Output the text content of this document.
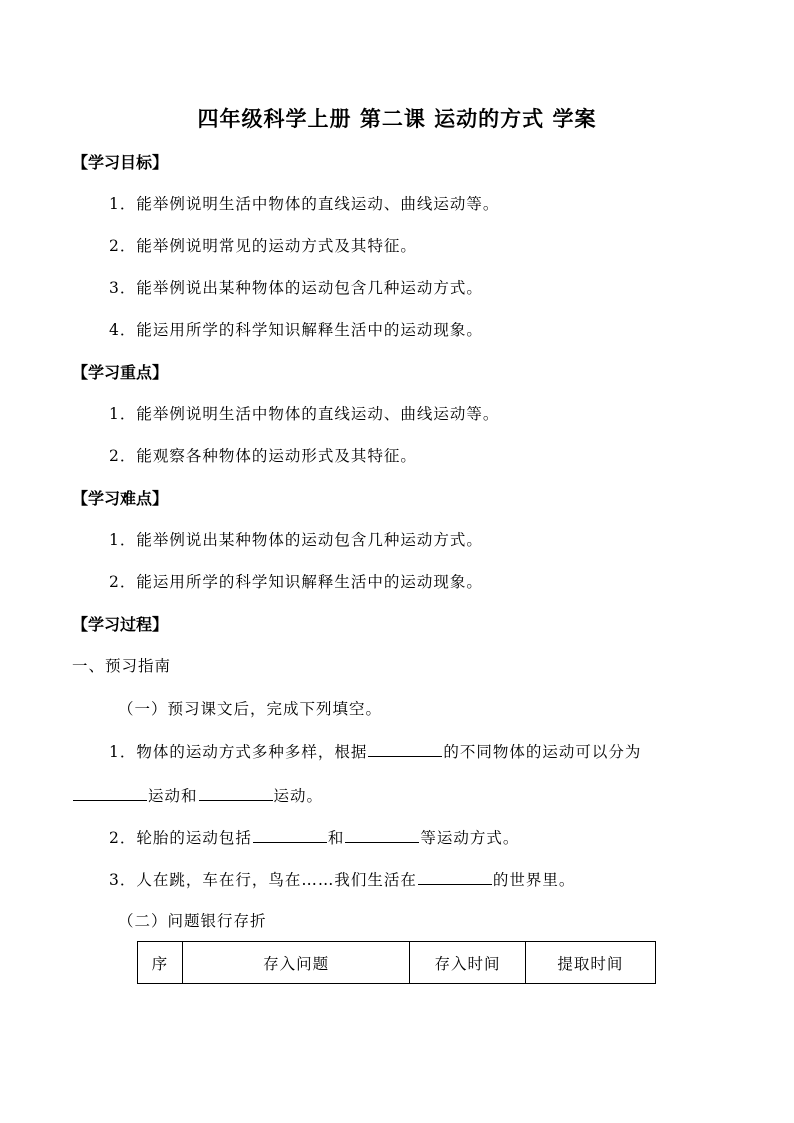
四年级科学上册 第二课 运动的方式 学案
【学习目标】
1．能举例说明生活中物体的直线运动、曲线运动等。
2．能举例说明常见的运动方式及其特征。
3．能举例说出某种物体的运动包含几种运动方式。
4．能运用所学的科学知识解释生活中的运动现象。
【学习重点】
1．能举例说明生活中物体的直线运动、曲线运动等。
2．能观察各种物体的运动形式及其特征。
【学习难点】
1．能举例说出某种物体的运动包含几种运动方式。
2．能运用所学的科学知识解释生活中的运动现象。
【学习过程】
一、预习指南
（一）预习课文后，完成下列填空。
1．物体的运动方式多种多样，根据	的不同物体的运动可以分为
运动和	运动。
2．轮胎的运动包括	和	等运动方式。
3．人在跳，车在行，鸟在……我们生活在	的世界里。
（二）问题银行存折
序	存入问题	存入时间	提取时间
